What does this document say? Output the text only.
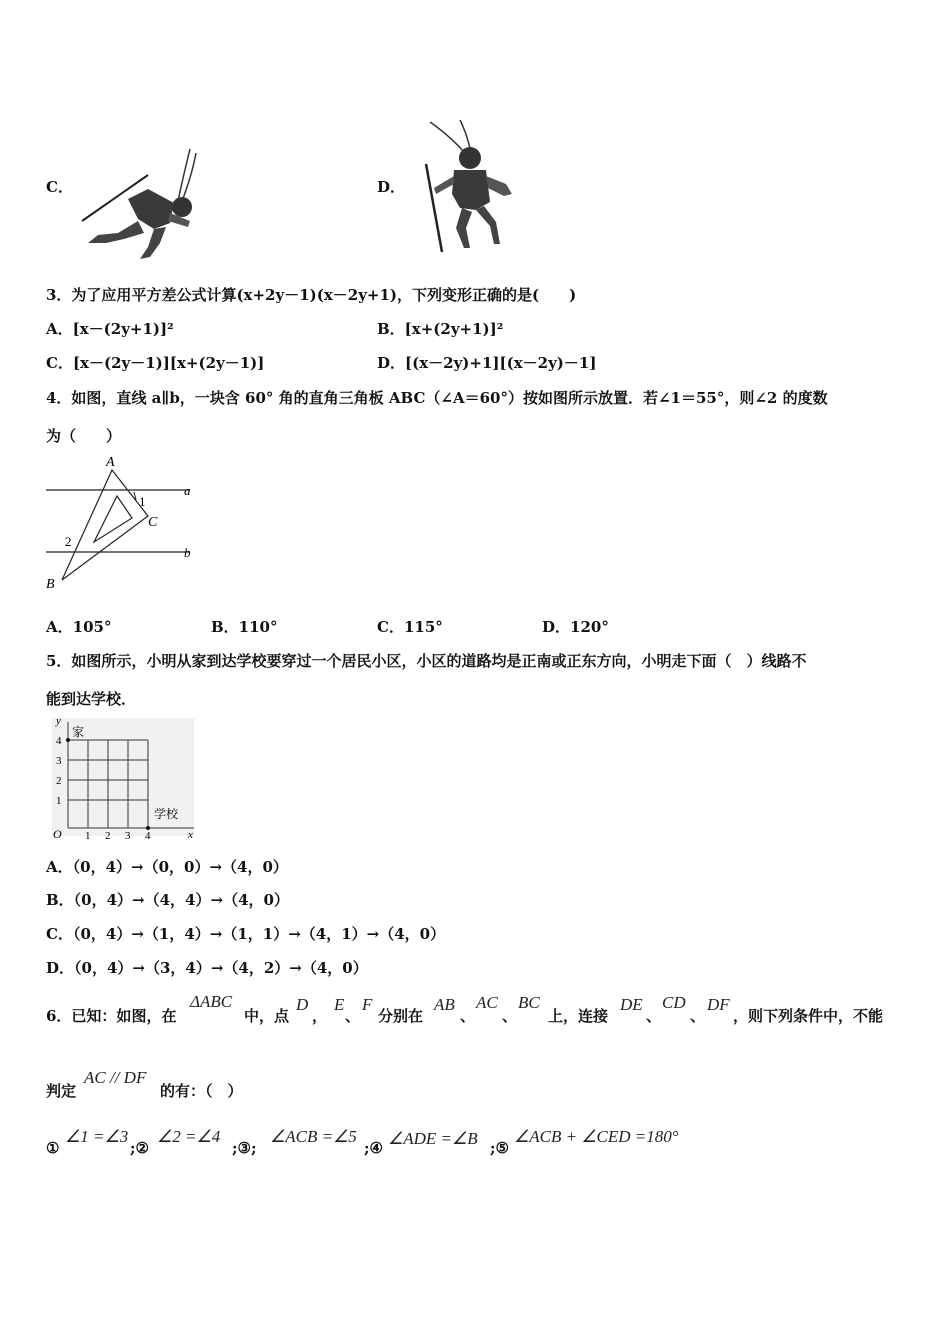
C．	D．
3．为了应用平方差公式计算(x+2y－1)(x－2y+1)，下列变形正确的是(　　)
A．[x－(2y+1)]²	B．[x+(2y+1)]²
C．[x－(2y－1)][x+(2y－1)]	D．[(x－2y)+1][(x－2y)－1]
4．如图，直线 a∥b，一块含 60° 角的直角三角板 ABC（∠A＝60°）按如图所示放置．若∠1＝55°，则∠2 的度数
为（　　）
A
B
C
a
b
1
2
A．105°	B．110°	C．115°	D．120°
5．如图所示，小明从家到达学校要穿过一个居民小区，小区的道路均是正南或正东方向，小明走下面（　）线路不
能到达学校．
y
x
O
家
学校
1 2 3 4
1
2
3
4
A．（0，4）→（0，0）→（4，0）
B．（0，4）→（4，4）→（4，0）
C．（0，4）→（1，4）→（1，1）→（4，1）→（4，0）
D．（0，4）→（3，4）→（4，2）→（4，0）
6．已知：如图，在
ΔABC
中，点
D
，
E
、
F
分别在
AB
、
AC
、
BC
上，连接
DE
、
CD
、
DF
，则下列条件中，不能
判定
AC // DF
的有：（　）
①
∠1 =∠3
;②
∠2 =∠4
;③;
∠ACB =∠5
;④ ∠ADE =∠B ;⑤
∠ACB + ∠CED =180°
